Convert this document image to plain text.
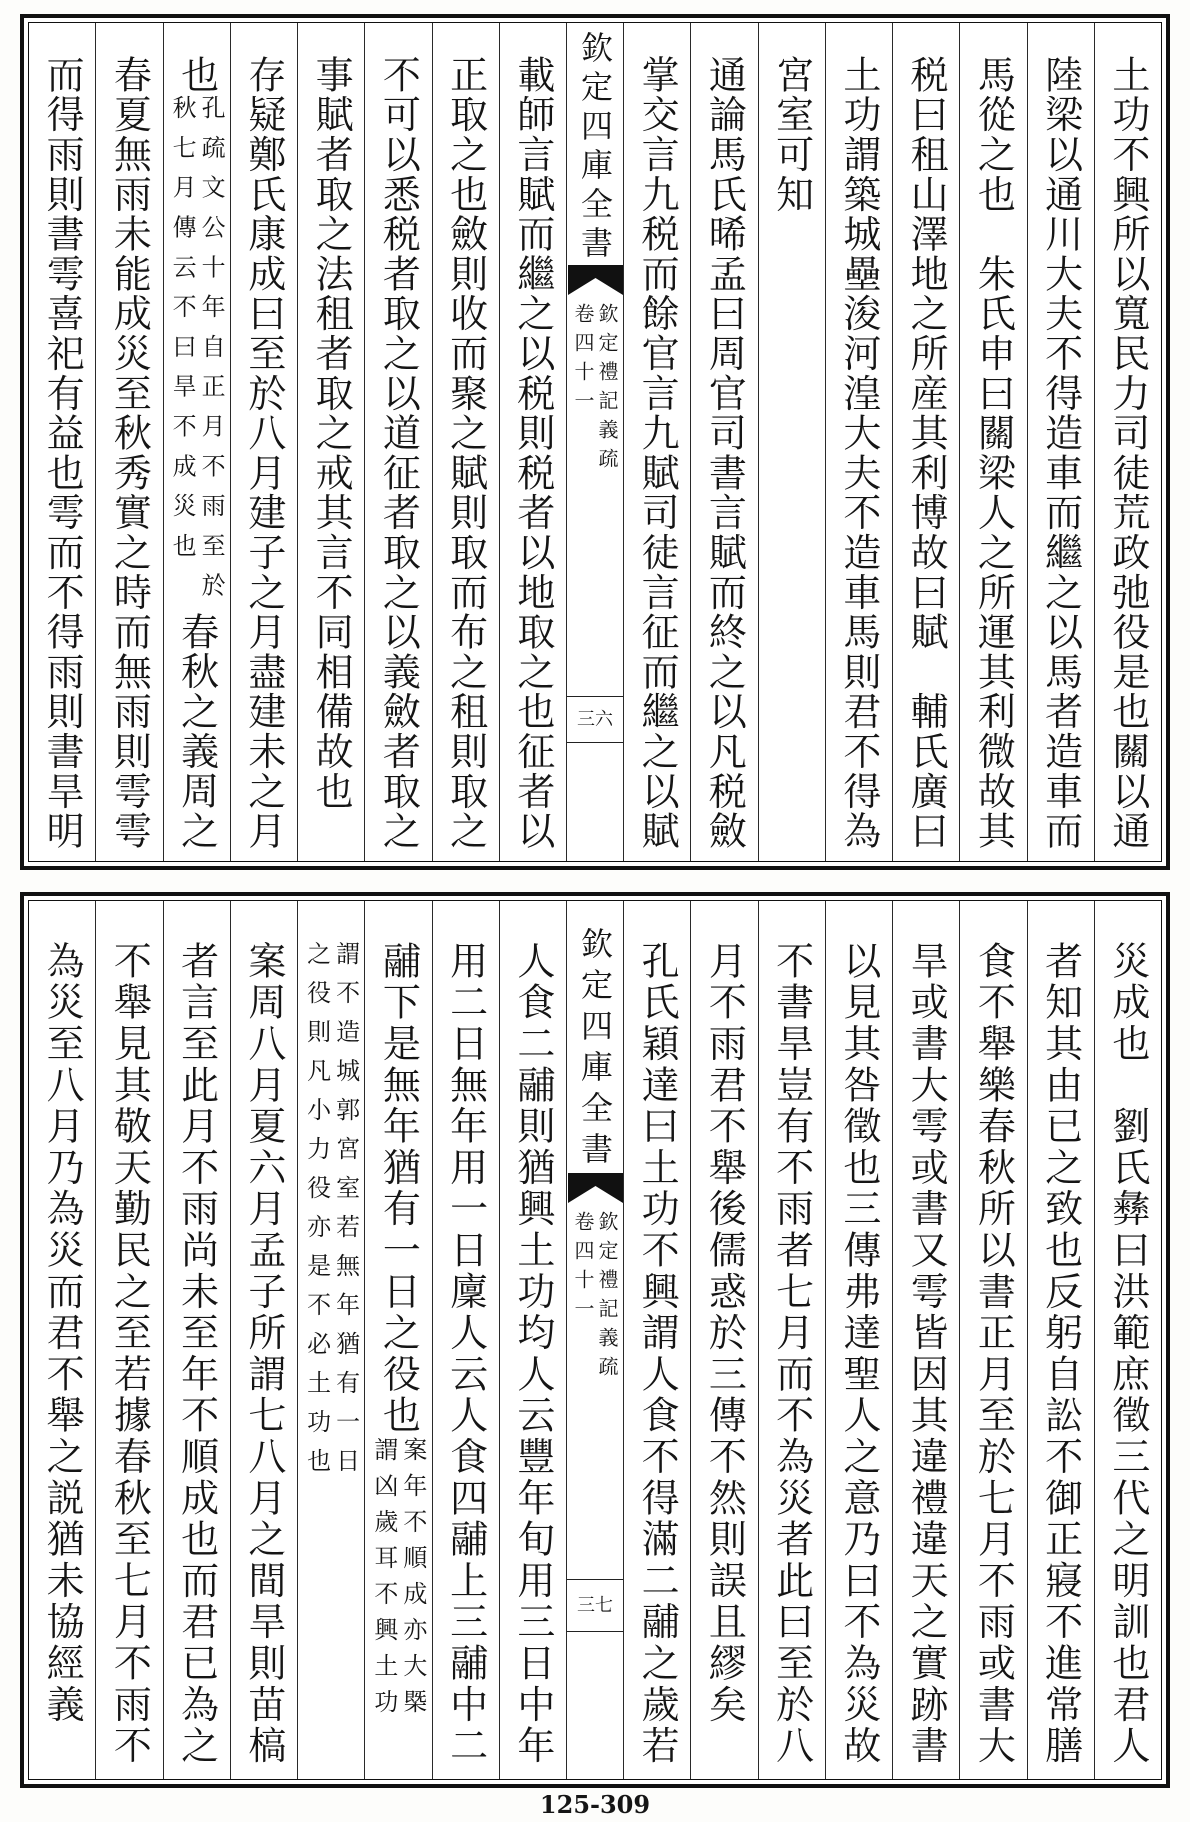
土功不興所以寬民力司徒荒政弛役是也關以通
陸梁以通川大夫不得造車而繼之以馬者造車而
馬從之也　朱氏申曰關梁人之所運其利微故其
税曰租山澤地之所産其利博故曰賦　輔氏廣曰
土功謂築城壘浚河湟大夫不造車馬則君不得為
宮室可知
通論馬氏晞孟曰周官司書言賦而終之以凡税斂
掌交言九税而餘官言九賦司徒言征而繼之以賦
欽定四庫全書
欽定禮記義疏
卷四十一
三六
載師言賦而繼之以税則税者以地取之也征者以
正取之也斂則收而聚之賦則取而布之租則取之
不可以悉税者取之以道征者取之以義斂者取之
事賦者取之法租者取之戒其言不同相備故也
存疑鄭氏康成曰至於八月建子之月盡建未之月
也
孔疏文公十年自正月不雨至於
秋七月傳云不曰旱不成災也
春秋之義周之
春夏無雨未能成災至秋秀實之時而無雨則雩雩
而得雨則書雩喜祀有益也雩而不得雨則書旱明
災成也　劉氏彝曰洪範庶徵三代之明訓也君人
者知其由已之致也反躬自訟不御正寢不進常膳
食不舉樂春秋所以書正月至於七月不雨或書大
旱或書大雩或書又雩皆因其違禮違天之實跡書
以見其咎徵也三傳弗達聖人之意乃曰不為災故
不書旱豈有不雨者七月而不為災者此曰至於八
月不雨君不舉後儒惑於三傳不然則誤且繆矣
孔氏穎達曰土功不興謂人食不得滿二鬴之歲若
欽定四庫全書
欽定禮記義疏
卷四十一
三七
人食二鬴則猶興土功均人云豐年旬用三日中年
用二日無年用一日廩人云人食四鬴上三鬴中二
鬴下是無年猶有一日之役也
案年不順成亦大槩
謂凶歲耳不興土功
謂不造城郭宮室若無年猶有一日
之役則凡小力役亦是不必土功也
案周八月夏六月孟子所謂七八月之間旱則苗槁
者言至此月不雨尚未至年不順成也而君已為之
不舉見其敬天勤民之至若據春秋至七月不雨不
為災至八月乃為災而君不舉之説猶未協經義
125-309
